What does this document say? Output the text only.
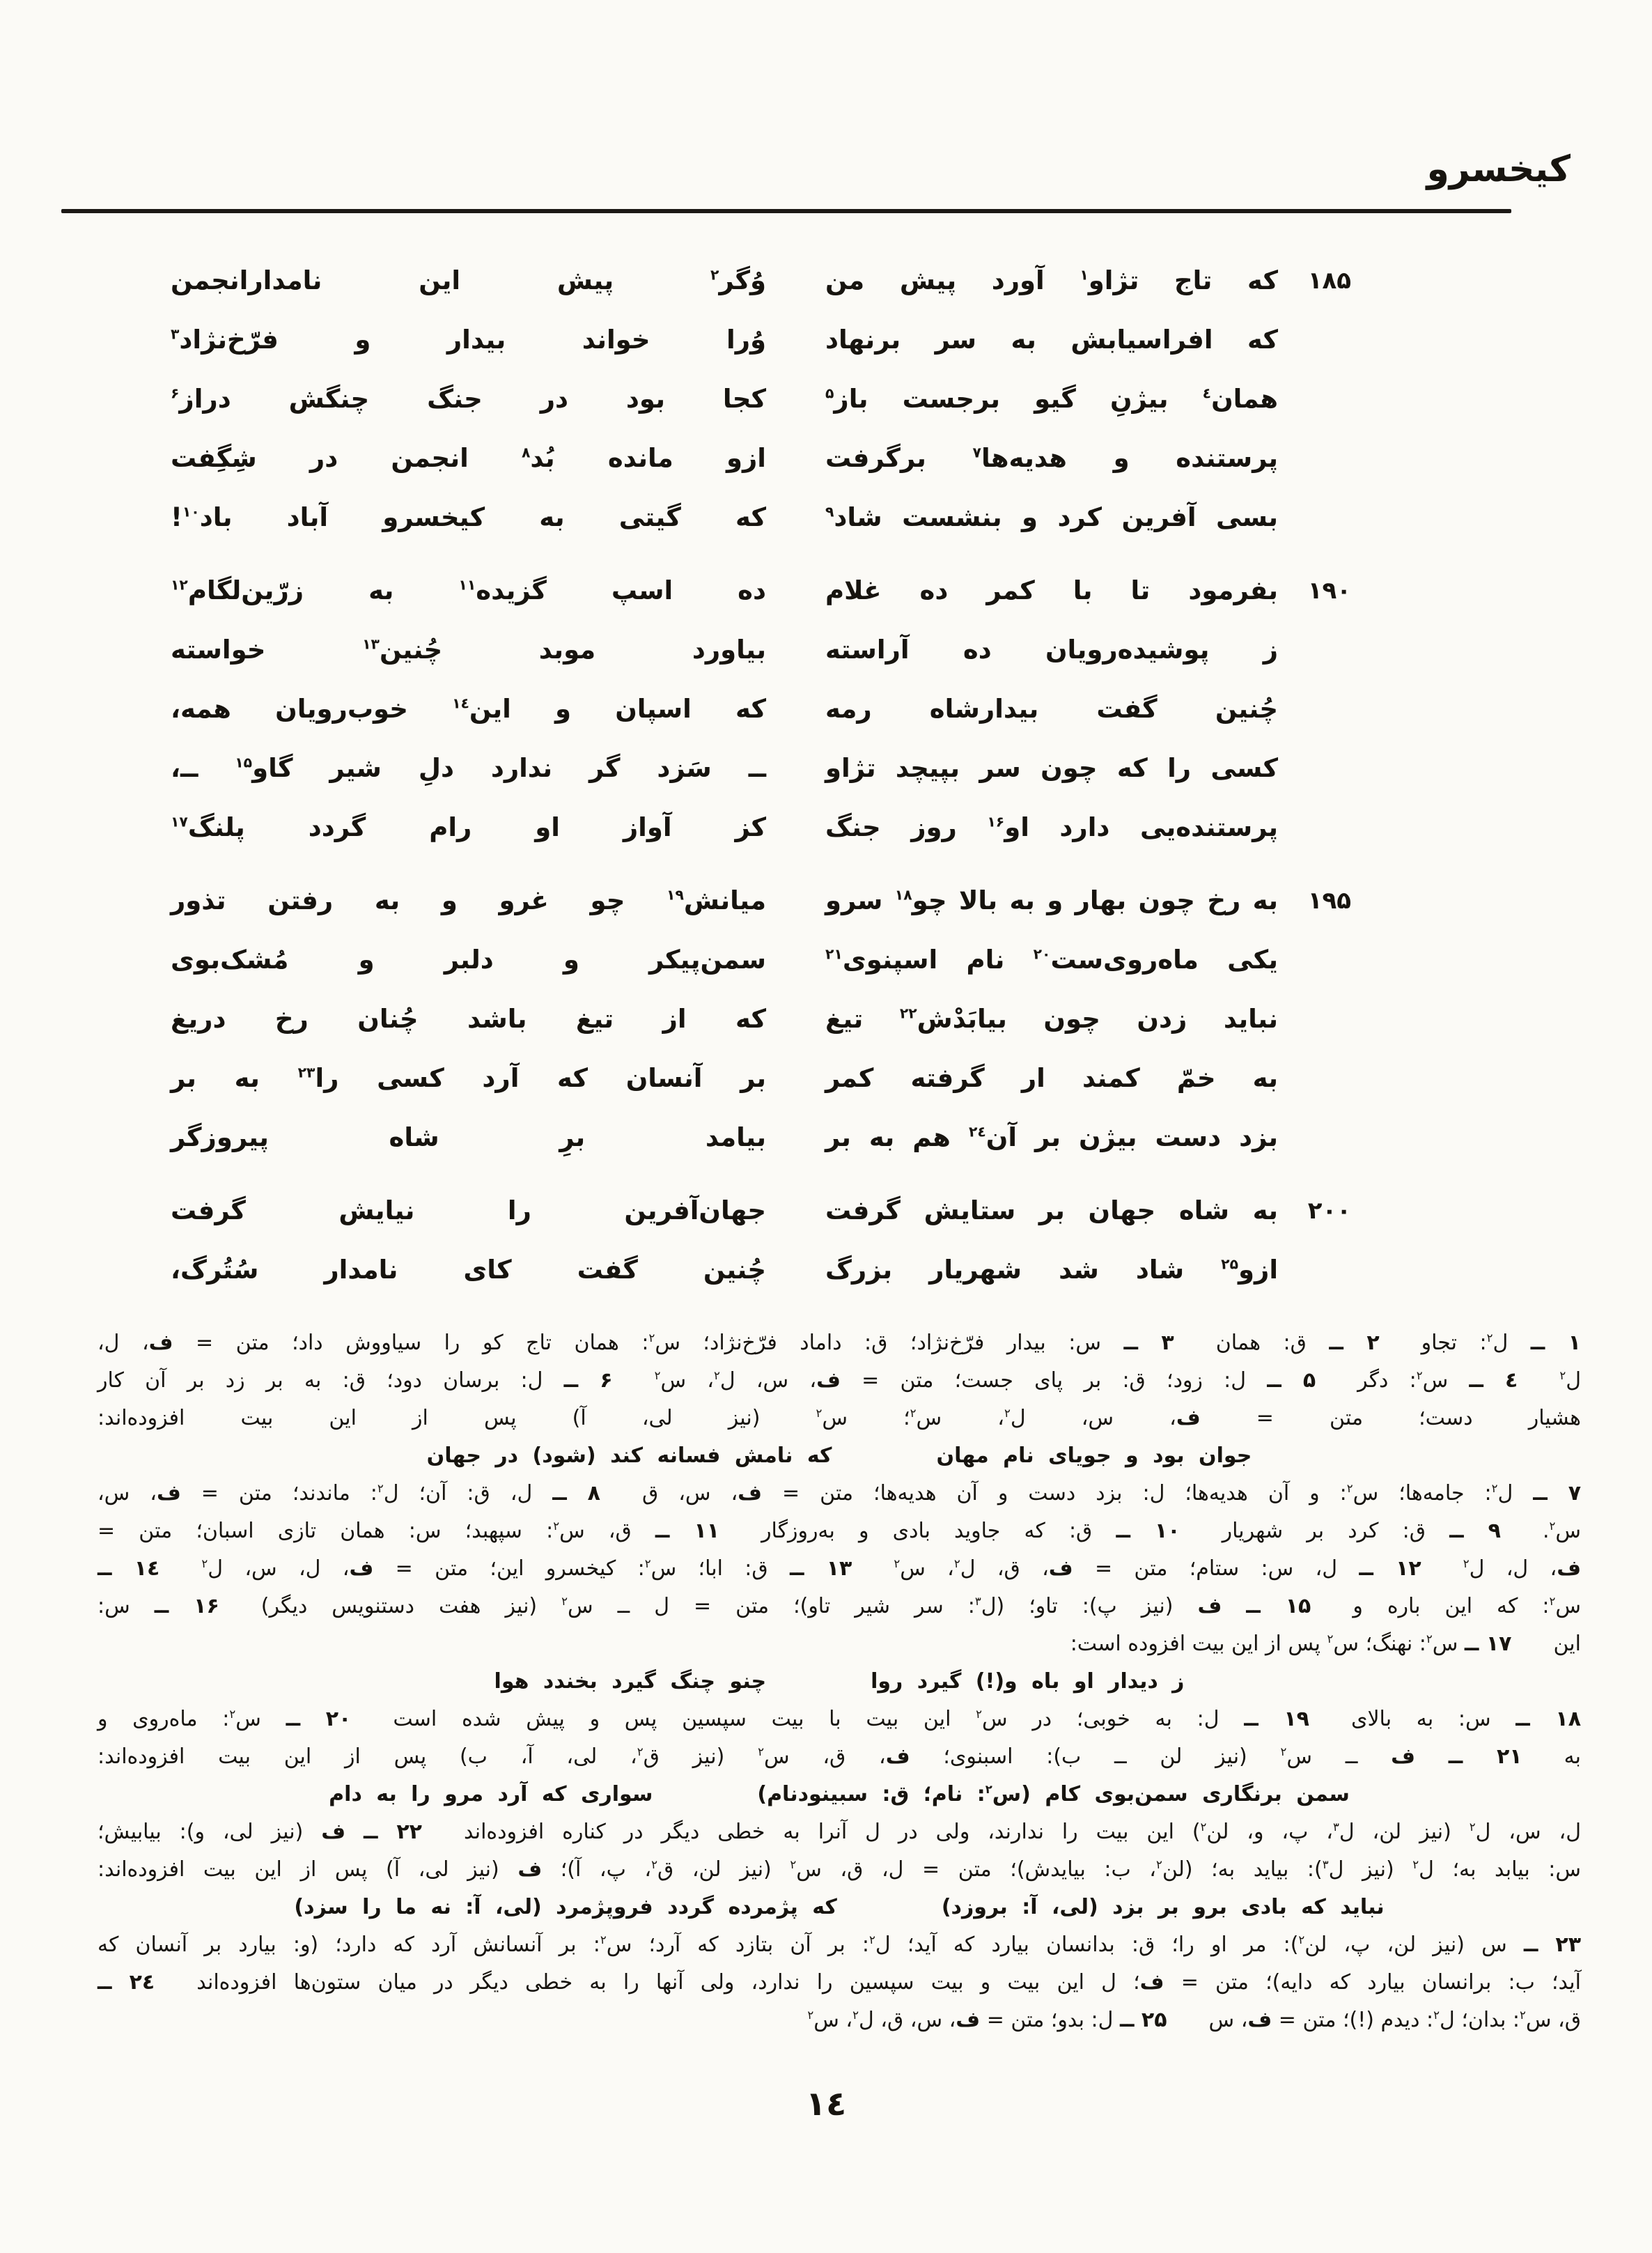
کیخسرو
۱۸۵
که تاج تژاو$^۱$ آورد پیش من
وُگر$^۲$ پیش این نامدارانجمن
که افراسیابش به سر برنهاد
وُرا خواند بیدار و فرّخ‌نژاد$^۳$
همان$^٤$ بیژنِ گیو برجست باز$^۵$
کجا بود در جنگ چنگش دراز$^۶$
پرستنده و هدیه‌ها$^۷$ برگرفت
ازو مانده بُد$^۸$ انجمن در شِگِفت
بسی آفرین کرد و بنشست شاد$^۹$
که گیتی به کیخسرو آباد باد$^{۱۰}$!
۱۹۰
بفرمود تا با کمر ده غلام
ده اسپ گزیده$^{۱۱}$ به زرّین‌لگام$^{۱۲}$
ز پوشیده‌رویان ده آراسته
بیاورد موبد چُنین$^{۱۳}$ خواسته
چُنین گفت بیدارشاه رمه
که اسپان و این$^{١٤}$ خوب‌رویان همه،
کسی را که چون سر بپیچد تژاو
ــ سَزد گر ندارد دلِ شیر گاو$^{۱۵}$ ــ،
پرستنده‌یی دارد او$^{۱۶}$ روز جنگ
کز آواز او رام گردد پلنگ$^{۱۷}$
۱۹۵
به رخ چون بهار و به بالا چو$^{۱۸}$ سرو
میانش$^{۱۹}$ چو غرو و به رفتن تذور
یکی ماه‌روی‌ست$^{۲۰}$ نام اسپنوی$^{۲۱}$
سمن‌پیکر و دلبر و مُشک‌بوی
نباید زدن چون بیابَدْش$^{۲۲}$ تیغ
که از تیغ باشد چُنان رخ دریغ
به خمّ کمند ار گرفته کمر
بر آنسان که آرد کسی را$^{۲۳}$ به بر
بزد دست بیژن بر آن$^{٢٤}$ هم به بر
بیامد برِ شاه پیروزگر
۲۰۰
به شاه جهان بر ستایش گرفت
جهان‌آفرین را نیایش گرفت
ازو$^{۲۵}$ شاد شد شهریار بزرگ
چُنین گفت کای نامدار سُتُرگ،
۱ ــ ل$^۲$: تجاو  ۲ ــ ق: همان  ۳ ــ س: بیدار فرّخ‌نژاد؛ ق: داماد فرّخ‌نژاد؛ س$^۲$: همان تاج کو را سیاووش داد؛ متن = ف، ل،
ل$^۲$  ٤ ــ س$^۲$: دگر  ۵ ــ ل: زود؛ ق: بر پای جست؛ متن = ف، س، ل$^۲$، س$^۲$  ۶ ــ ل: برسان دود؛ ق: به بر زد بر آن کار
هشیار دست؛ متن = ف، س، ل$^۲$، س$^۲$؛ س$^۲$ (نیز لی، آ) پس از این بیت افزوده‌اند:
جوان بود و جویای نام مهان
که نامش فسانه کند (شود) در جهان
۷ ــ ل$^۲$: جامه‌ها؛ س$^۲$: و آن هدیه‌ها؛ ل: بزد دست و آن هدیه‌ها؛ متن = ف، س، ق  ۸ ــ ل، ق: آن؛ ل$^۲$: ماندند؛ متن = ف، س،
س$^۲$.  ۹ ــ ق: کرد بر شهریار  ۱۰ ــ ق: که جاوید بادی و به‌روزگار  ۱۱ ــ ق، س$^۲$: سپهبد؛ س: همان تازی اسبان؛ متن =
ف، ل، ل$^۲$  ۱۲ ــ ل، س: ستام؛ متن = ف، ق، ل$^۲$، س$^۲$  ۱۳ ــ ق: ابا؛ س$^۲$: کیخسرو این؛ متن = ف، ل، س، ل$^۲$  ١٤ ــ
س$^۲$: که این باره و  ۱۵ ــ ف (نیز پ): تاو؛ (ل$^۳$: سر شیر تاو)؛ متن = ل ــ س$^۲$ (نیز هفت دستنویس دیگر)  ۱۶ ــ س:
این  ۱۷ ــ س$^۲$: نهنگ؛ س$^۲$ پس از این بیت افزوده است:
ز دیدار او باه و(!) گیرد روا
چنو چنگ گیرد بخندد هوا
۱۸ ــ س: به بالای  ۱۹ ــ ل: به خوبی؛ در س$^۲$ این بیت با بیت سپسین پس و پیش شده است  ۲۰ ــ س$^۲$: ماه‌روی و
به  ۲۱ ــ ف ــ س$^۲$ (نیز لن ــ ب): اسبنوی؛ ف، ق، س$^۲$ (نیز ق$^۲$، لی، آ، ب) پس از این بیت افزوده‌اند:
سمن برنگاری سمن‌بوی کام (س$^۲$: نام؛ ق: سبینودنام)
سواری که آرد مرو را به دام
ل، س، ل$^۲$ (نیز لن، ل$^۳$، پ، و، لن$^۲$) این بیت را ندارند، ولی در ل آنرا به خطی دیگر در کناره افزوده‌اند  ۲۲ ــ ف (نیز لی، و): بیابیش؛
س: بیابد به؛ ل$^۲$ (نیز ل$^۳$): بیاید به؛ (لن$^۲$، ب: بیایدش)؛ متن = ل، ق، س$^۲$ (نیز لن، ق$^۲$، پ، آ)؛ ف (نیز لی، آ) پس از این بیت افزوده‌اند:
نباید که بادی برو بر بزد (لی، آ: بروزد)
که پژمرده گردد فروپژمرد (لی، آ: نه ما را سزد)
۲۳ ــ س (نیز لن، پ، لن$^۲$): مر او را؛ ق: بدانسان بیارد که آید؛ ل$^۲$: بر آن بتازد که آرد؛ س$^۲$: بر آنسانش آرد که دارد؛ (و: بیارد بر آنسان که
آید؛ ب: برانسان بیارد که دایه)؛ متن = ف؛ ل این بیت و بیت سپسین را ندارد، ولی آنها را به خطی دیگر در میان ستون‌ها افزوده‌اند  ٢٤ ــ
ق، س$^۲$: بدان؛ ل$^۲$: دیدم (!)؛ متن = ف، س  ۲۵ ــ ل: بدو؛ متن = ف، س، ق، ل$^۲$، س$^۲$
١٤
